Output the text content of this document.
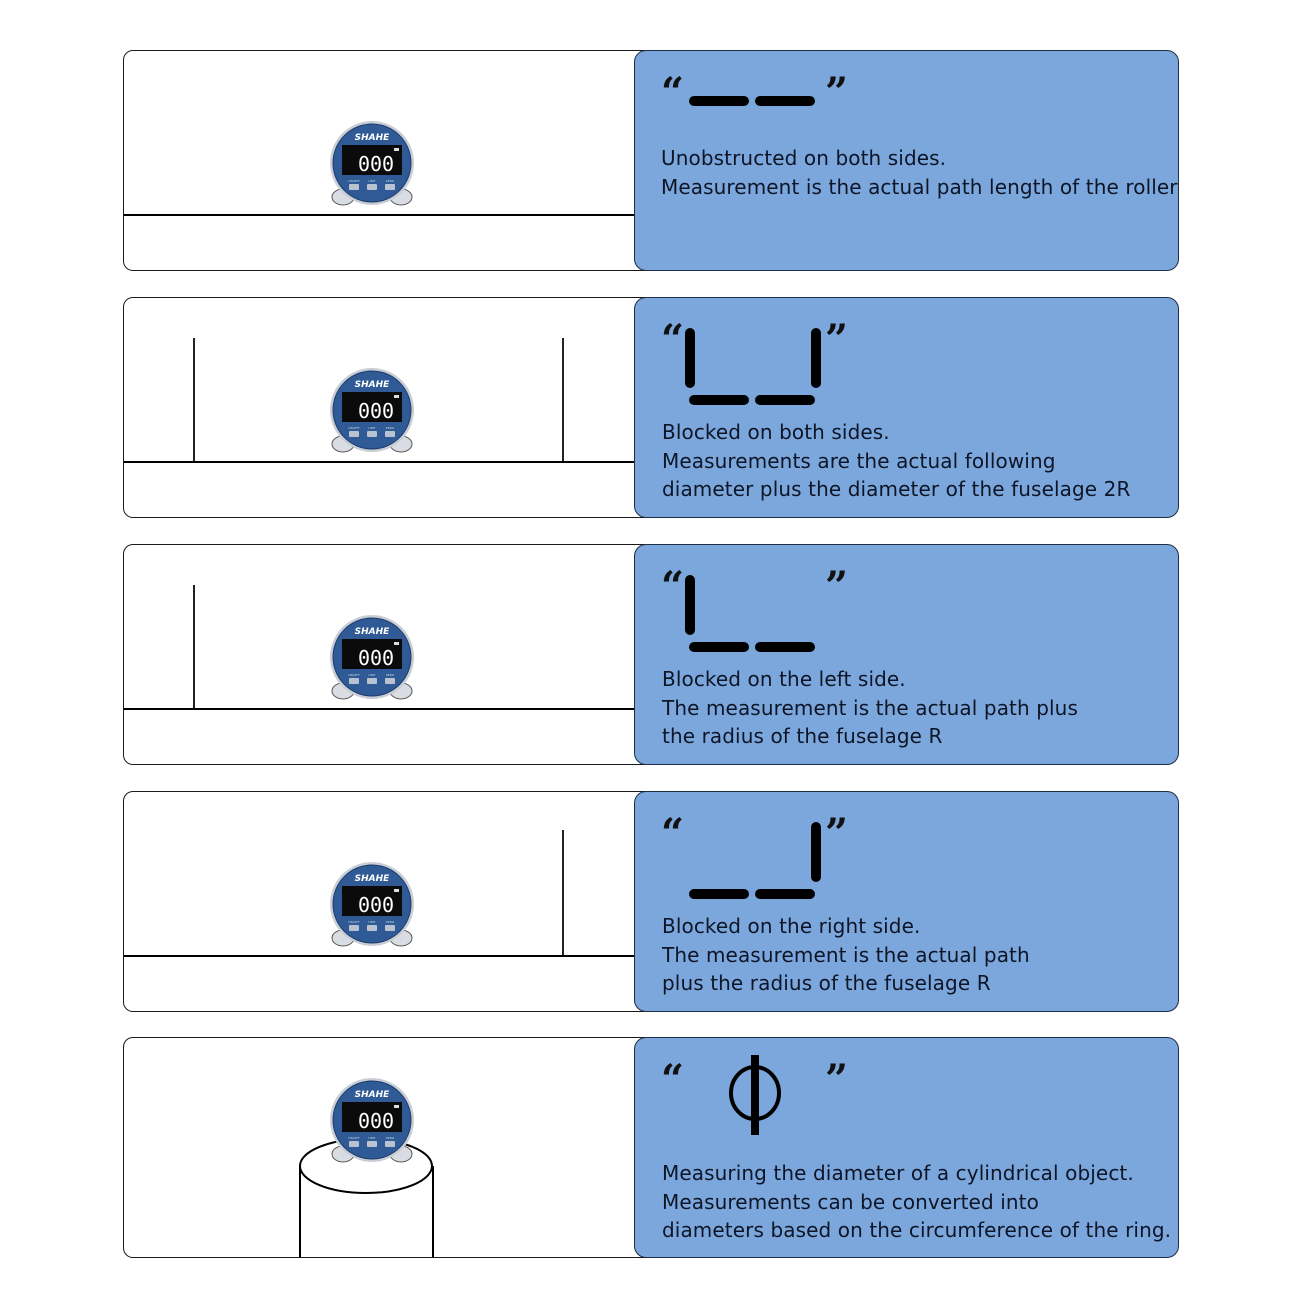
“	”
Unobstructed on both sides.
Measurement is the actual path length of the roller
“	”
Blocked on both sides.
Measurements are the actual following
diameter plus the diameter of the fuselage 2R
“	”
Blocked on the left side.
The measurement is the actual path plus
the radius of the fuselage R
“	”
Blocked on the right side.
The measurement is the actual path
plus the radius of the fuselage R
“	”
Measuring the diameter of a cylindrical object.
Measurements can be converted into
diameters based on the circumference of the ring.
